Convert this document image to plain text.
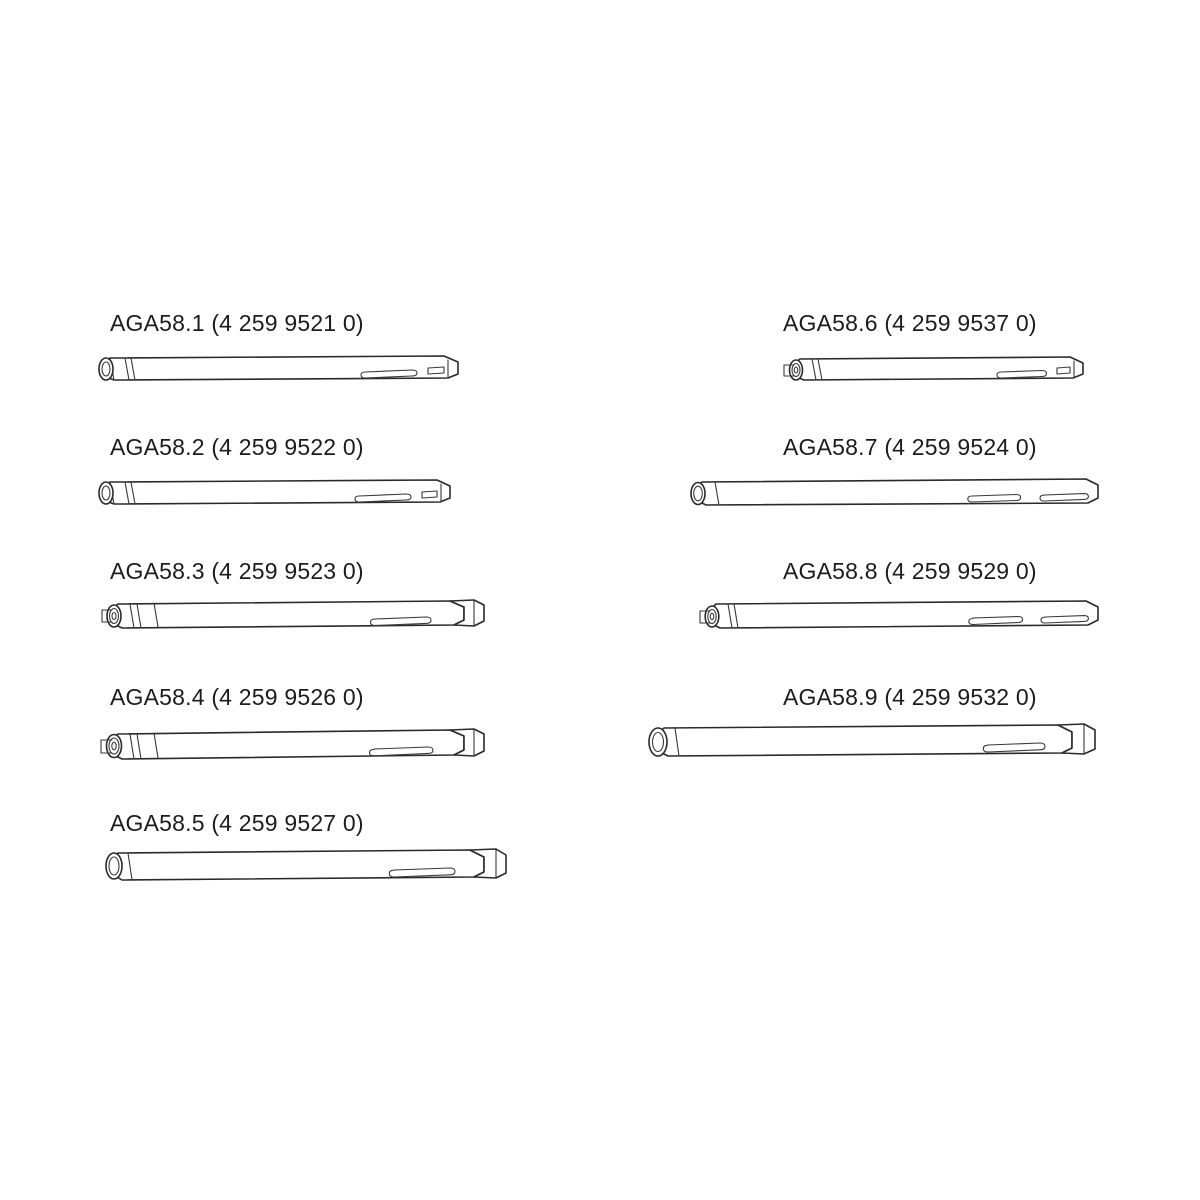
AGA58.1 (4 259 9521 0)
AGA58.2 (4 259 9522 0)
AGA58.3 (4 259 9523 0)
AGA58.4 (4 259 9526 0)
AGA58.5 (4 259 9527 0)
AGA58.6 (4 259 9537 0)
AGA58.7 (4 259 9524 0)
AGA58.8 (4 259 9529 0)
AGA58.9 (4 259 9532 0)
